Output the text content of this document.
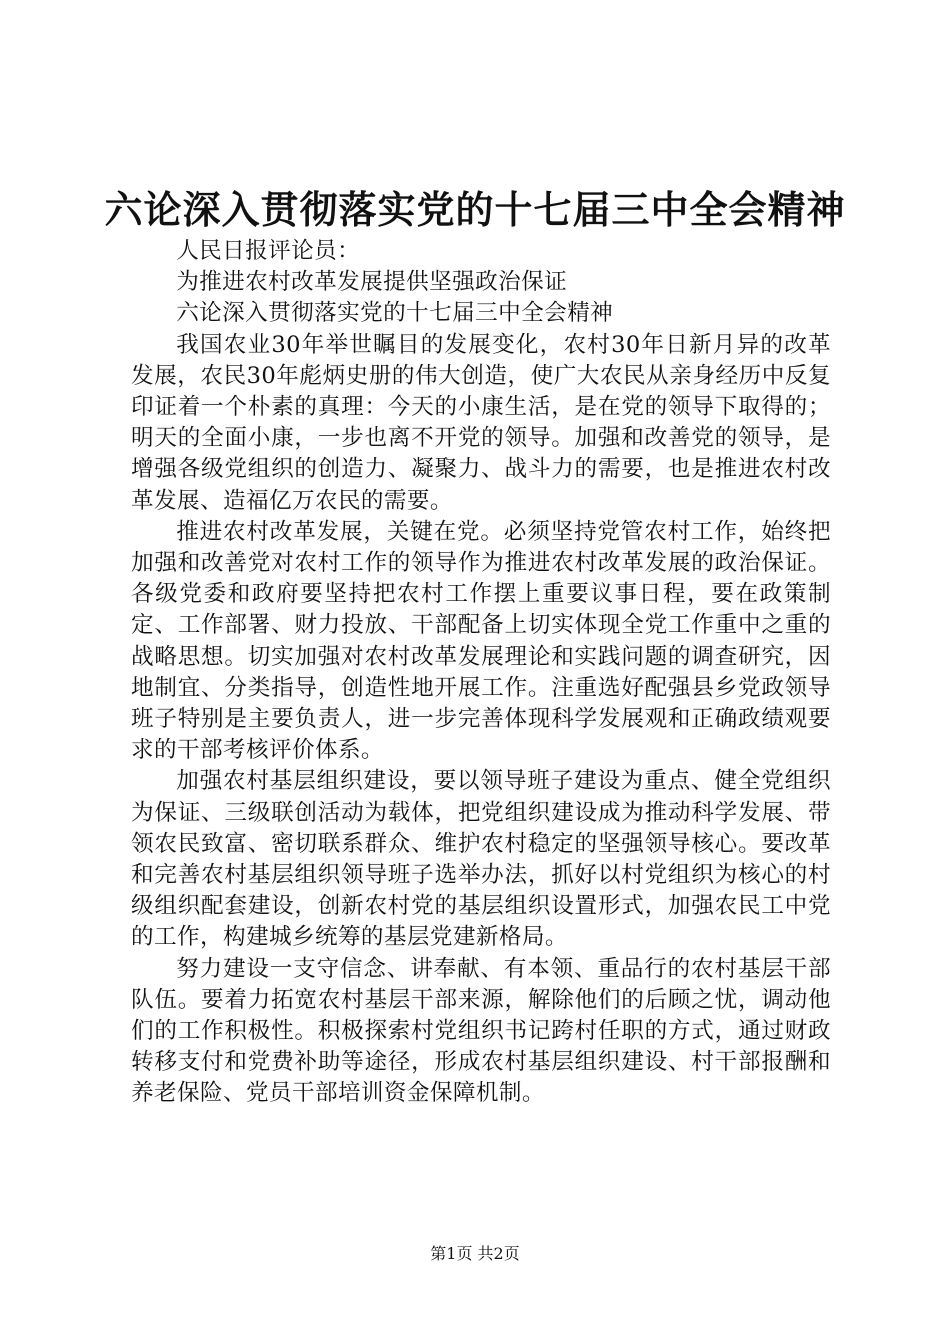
六论深入贯彻落实党的十七届三中全会精神

人民日报评论员：

为推进农村改革发展提供坚强政治保证

六论深入贯彻落实党的十七届三中全会精神

我国农业30年举世瞩目的发展变化，农村30年日新月异的改革发展，农民30年彪炳史册的伟大创造，使广大农民从亲身经历中反复印证着一个朴素的真理：今天的小康生活，是在党的领导下取得的；明天的全面小康，一步也离不开党的领导。加强和改善党的领导，是增强各级党组织的创造力、凝聚力、战斗力的需要，也是推进农村改革发展、造福亿万农民的需要。

推进农村改革发展，关键在党。必须坚持党管农村工作，始终把加强和改善党对农村工作的领导作为推进农村改革发展的政治保证。各级党委和政府要坚持把农村工作摆上重要议事日程，要在政策制定、工作部署、财力投放、干部配备上切实体现全党工作重中之重的战略思想。切实加强对农村改革发展理论和实践问题的调查研究，因地制宜、分类指导，创造性地开展工作。注重选好配强县乡党政领导班子特别是主要负责人，进一步完善体现科学发展观和正确政绩观要求的干部考核评价体系。

加强农村基层组织建设，要以领导班子建设为重点、健全党组织为保证、三级联创活动为载体，把党组织建设成为推动科学发展、带领农民致富、密切联系群众、维护农村稳定的坚强领导核心。要改革和完善农村基层组织领导班子选举办法，抓好以村党组织为核心的村级组织配套建设，创新农村党的基层组织设置形式，加强农民工中党的工作，构建城乡统筹的基层党建新格局。

努力建设一支守信念、讲奉献、有本领、重品行的农村基层干部队伍。要着力拓宽农村基层干部来源，解除他们的后顾之忧，调动他们的工作积极性。积极探索村党组织书记跨村任职的方式，通过财政转移支付和党费补助等途径，形成农村基层组织建设、村干部报酬和养老保险、党员干部培训资金保障机制。

第1页 共2页
